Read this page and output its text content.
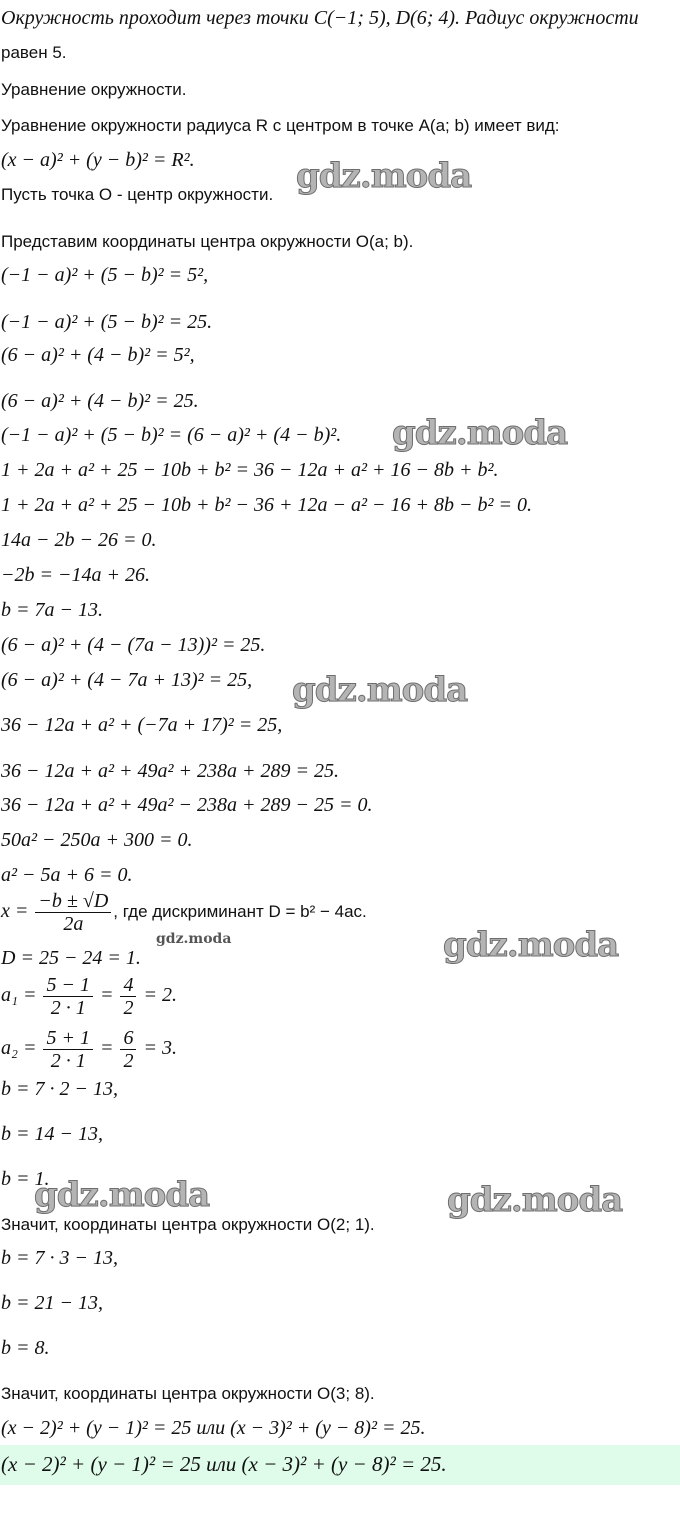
Окружность проходит через точки C(−1; 5), D(6; 4). Радиус окружности
равен 5.
Уравнение окружности.
Уравнение окружности радиуса R с центром в точке A(a; b) имеет вид:
(x − a)² + (y − b)² = R².
Пусть точка O - центр окружности.
Представим координаты центра окружности O(a; b).
(−1 − a)² + (5 − b)² = 5²,
(−1 − a)² + (5 − b)² = 25.
(6 − a)² + (4 − b)² = 5²,
(6 − a)² + (4 − b)² = 25.
(−1 − a)² + (5 − b)² = (6 − a)² + (4 − b)².
1 + 2a + a² + 25 − 10b + b² = 36 − 12a + a² + 16 − 8b + b².
1 + 2a + a² + 25 − 10b + b² − 36 + 12a − a² − 16 + 8b − b² = 0.
14a − 2b − 26 = 0.
−2b = −14a + 26.
b = 7a − 13.
(6 − a)² + (4 − (7a − 13))² = 25.
(6 − a)² + (4 − 7a + 13)² = 25,
36 − 12a + a² + (−7a + 17)² = 25,
36 − 12a + a² + 49a² + 238a + 289 = 25.
36 − 12a + a² + 49a² − 238a + 289 − 25 = 0.
50a² − 250a + 300 = 0.
a² − 5a + 6 = 0.
$x = \frac{-b \pm √D}{2a}$ , где дискриминант D = b² − 4ac.
D = 25 − 24 = 1.
$a_1 = \frac{5 - 1}{2 \cdot 1} = \frac{4}{2} = 2$.
$a_2 = \frac{5 + 1}{2 \cdot 1} = \frac{6}{2} = 3$.
b = 7 · 2 − 13,
b = 14 − 13,
b = 1.
Значит, координаты центра окружности O(2; 1).
b = 7 · 3 − 13,
b = 21 − 13,
b = 8.
Значит, координаты центра окружности O(3; 8).
(x − 2)² + (y − 1)² = 25 или (x − 3)² + (y − 8)² = 25.
(x − 2)² + (y − 1)² = 25 или (x − 3)² + (y − 8)² = 25.
gdz.moda
gdz.moda
gdz.moda
gdz.moda	gdz.moda
gdz.moda	gdz.moda
